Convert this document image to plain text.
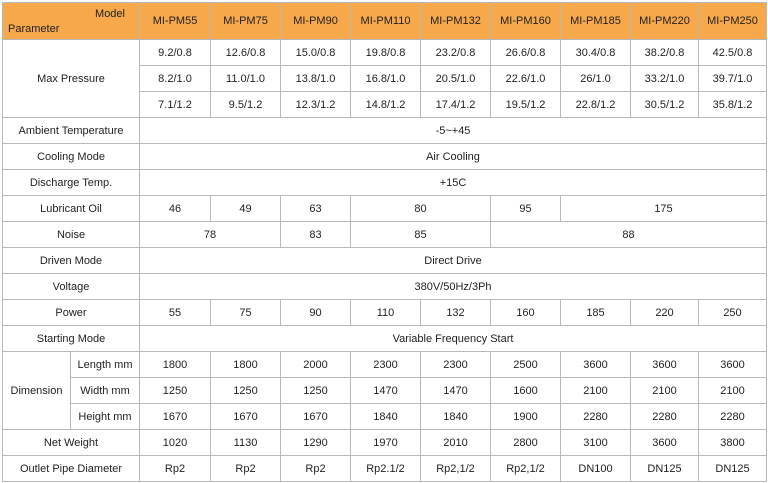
Model
Parameter		MI-PM55	MI-PM75	MI-PM90	MI-PM110	MI-PM132	MI-PM160	MI-PM185	MI-PM220	MI-PM250
Max Pressure		9.2/0.8	12.6/0.8	15.0/0.8	19.8/0.8	23.2/0.8	26.6/0.8	30.4/0.8	38.2/0.8	42.5/0.8
		8.2/1.0	11.0/1.0	13.8/1.0	16.8/1.0	20.5/1.0	22.6/1.0	26/1.0	33.2/1.0	39.7/1.0
		7.1/1.2	9.5/1.2	12.3/1.2	14.8/1.2	17.4/1.2	19.5/1.2	22.8/1.2	30.5/1.2	35.8/1.2
Ambient Temperature		-5~+45								
Cooling Mode		Air Cooling								
Discharge Temp.		+15C								
Lubricant Oil		46	49	63	80		95	175		
Noise		78		83	85		88			
Driven Mode		Direct Drive								
Voltage		380V/50Hz/3Ph								
Power		55	75	90	110	132	160	185	220	250
Starting Mode		Variable Frequency Start								
Dimension	Length mm	1800	1800	2000	2300	2300	2500	3600	3600	3600
	Width mm	1250	1250	1250	1470	1470	1600	2100	2100	2100
	Height mm	1670	1670	1670	1840	1840	1900	2280	2280	2280
Net Weight		1020	1130	1290	1970	2010	2800	3100	3600	3800
Outlet Pipe Diameter		Rp2	Rp2	Rp2	Rp2.1/2	Rp2,1/2	Rp2,1/2	DN100	DN125	DN125
